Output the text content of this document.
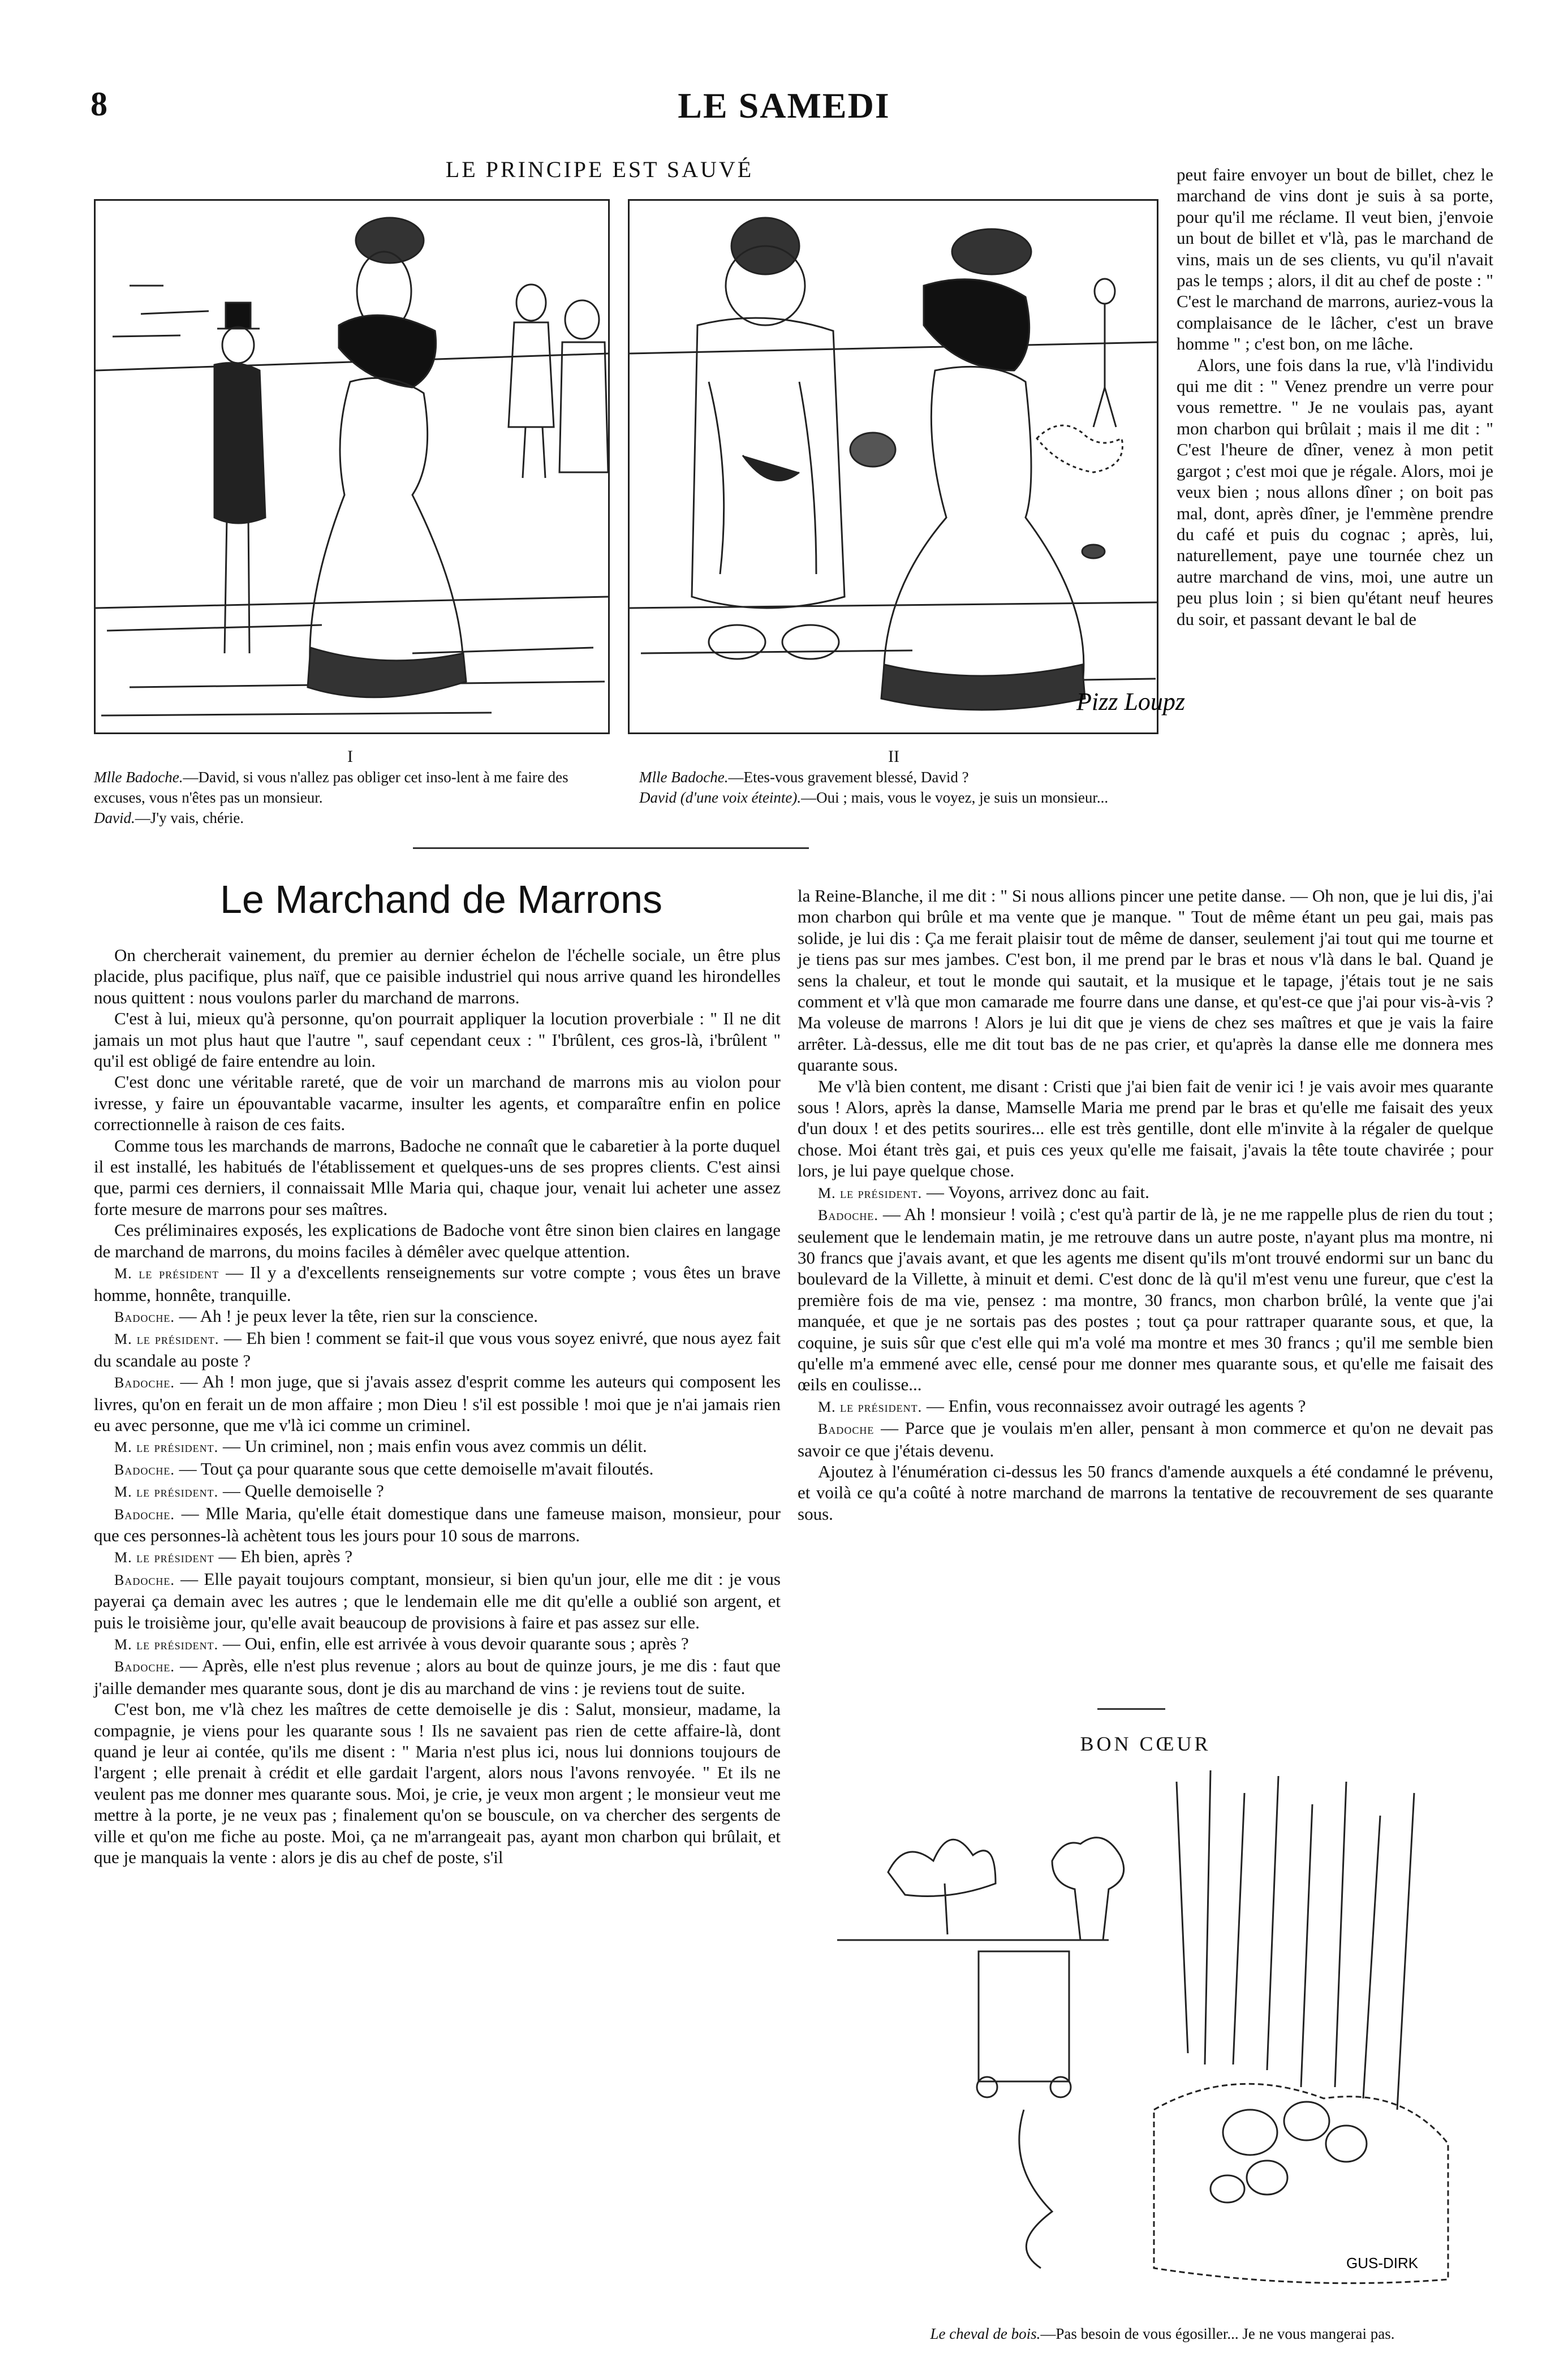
8	LE SAMEDI
LE PRINCIPE EST SAUVÉ
Pizz Loupz
I
Mlle Badoche.—David, si vous n'allez pas obliger cet inso-lent à me faire des excuses, vous n'êtes pas un monsieur.
David.—J'y vais, chérie.
II
Mlle Badoche.—Etes-vous gravement blessé, David ?
David (d'une voix éteinte).—Oui ; mais, vous le voyez, je suis un monsieur...
Le Marchand de Marrons

On chercherait vainement, du premier au dernier échelon de l'échelle sociale, un être plus placide, plus pacifique, plus naïf, que ce paisible industriel qui nous arrive quand les hirondelles nous quittent : nous voulons parler du marchand de marrons.

C'est à lui, mieux qu'à personne, qu'on pourrait appliquer la locution proverbiale : " Il ne dit jamais un mot plus haut que l'autre ", sauf cependant ceux : " I'brûlent, ces gros-là, i'brûlent " qu'il est obligé de faire entendre au loin.

C'est donc une véritable rareté, que de voir un marchand de marrons mis au violon pour ivresse, y faire un épouvantable vacarme, insulter les agents, et comparaître enfin en police correctionnelle à raison de ces faits.

Comme tous les marchands de marrons, Badoche ne connaît que le cabaretier à la porte duquel il est installé, les habitués de l'établissement et quelques-uns de ses propres clients. C'est ainsi que, parmi ces derniers, il connaissait Mlle Maria qui, chaque jour, venait lui acheter une assez forte mesure de marrons pour ses maîtres.

Ces préliminaires exposés, les explications de Badoche vont être sinon bien claires en langage de marchand de marrons, du moins faciles à démêler avec quelque attention.

M. le président — Il y a d'excellents renseignements sur votre compte ; vous êtes un brave homme, honnête, tranquille.

Badoche. — Ah ! je peux lever la tête, rien sur la conscience.

M. le président. — Eh bien ! comment se fait-il que vous vous soyez enivré, que nous ayez fait du scandale au poste ?

Badoche. — Ah ! mon juge, que si j'avais assez d'esprit comme les auteurs qui composent les livres, qu'on en ferait un de mon affaire ; mon Dieu ! s'il est possible ! moi que je n'ai jamais rien eu avec personne, que me v'là ici comme un criminel.

M. le président. — Un criminel, non ; mais enfin vous avez commis un délit.

Badoche. — Tout ça pour quarante sous que cette demoiselle m'avait filoutés.

M. le président. — Quelle demoiselle ?

Badoche. — Mlle Maria, qu'elle était domestique dans une fameuse maison, monsieur, pour que ces personnes-là achètent tous les jours pour 10 sous de marrons.

M. le président — Eh bien, après ?

Badoche. — Elle payait toujours comptant, monsieur, si bien qu'un jour, elle me dit : je vous payerai ça demain avec les autres ; que le lendemain elle me dit qu'elle a oublié son argent, et puis le troisième jour, qu'elle avait beaucoup de provisions à faire et pas assez sur elle.

M. le président. — Oui, enfin, elle est arrivée à vous devoir quarante sous ; après ?

Badoche. — Après, elle n'est plus revenue ; alors au bout de quinze jours, je me dis : faut que j'aille demander mes quarante sous, dont je dis au marchand de vins : je reviens tout de suite.

C'est bon, me v'là chez les maîtres de cette demoiselle je dis : Salut, monsieur, madame, la compagnie, je viens pour les quarante sous ! Ils ne savaient pas rien de cette affaire-là, dont quand je leur ai contée, qu'ils me disent : " Maria n'est plus ici, nous lui donnions toujours de l'argent ; elle prenait à crédit et elle gardait l'argent, alors nous l'avons renvoyée. " Et ils ne veulent pas me donner mes quarante sous. Moi, je crie, je veux mon argent ; le monsieur veut me mettre à la porte, je ne veux pas ; finalement qu'on se bouscule, on va chercher des sergents de ville et qu'on me fiche au poste. Moi, ça ne m'arrangeait pas, ayant mon charbon qui brûlait, et que je manquais la vente : alors je dis au chef de poste, s'il

peut faire envoyer un bout de billet, chez le marchand de vins dont je suis à sa porte, pour qu'il me réclame. Il veut bien, j'envoie un bout de billet et v'là, pas le marchand de vins, mais un de ses clients, vu qu'il n'avait pas le temps ; alors, il dit au chef de poste : " C'est le marchand de marrons, auriez-vous la complaisance de le lâcher, c'est un brave homme " ; c'est bon, on me lâche.

Alors, une fois dans la rue, v'là l'individu qui me dit : " Venez prendre un verre pour vous remettre. " Je ne voulais pas, ayant mon charbon qui brûlait ; mais il me dit : " C'est l'heure de dîner, venez à mon petit gargot ; c'est moi que je régale. Alors, moi je veux bien ; nous allons dîner ; on boit pas mal, dont, après dîner, je l'emmène prendre du café et puis du cognac ; après, lui, naturellement, paye une tournée chez un autre marchand de vins, moi, une autre un peu plus loin ; si bien qu'étant neuf heures du soir, et passant devant le bal de

la Reine-Blanche, il me dit : " Si nous allions pincer une petite danse. — Oh non, que je lui dis, j'ai mon charbon qui brûle et ma vente que je manque. " Tout de même étant un peu gai, mais pas solide, je lui dis : Ça me ferait plaisir tout de même de danser, seulement j'ai tout qui me tourne et je tiens pas sur mes jambes. C'est bon, il me prend par le bras et nous v'là dans le bal. Quand je sens la chaleur, et tout le monde qui sautait, et la musique et le tapage, j'étais tout je ne sais comment et v'là que mon camarade me fourre dans une danse, et qu'est-ce que j'ai pour vis-à-vis ? Ma voleuse de marrons ! Alors je lui dit que je viens de chez ses maîtres et que je vais la faire arrêter. Là-dessus, elle me dit tout bas de ne pas crier, et qu'après la danse elle me donnera mes quarante sous.

Me v'là bien content, me disant : Cristi que j'ai bien fait de venir ici ! je vais avoir mes quarante sous ! Alors, après la danse, Mamselle Maria me prend par le bras et qu'elle me faisait des yeux d'un doux ! et des petits sourires... elle est très gentille, dont elle m'invite à la régaler de quelque chose. Moi étant très gai, et puis ces yeux qu'elle me faisait, j'avais la tête toute chavirée ; pour lors, je lui paye quelque chose.

M. le président. — Voyons, arrivez donc au fait.

Badoche. — Ah ! monsieur ! voilà ; c'est qu'à partir de là, je ne me rappelle plus de rien du tout ; seulement que le lendemain matin, je me retrouve dans un autre poste, n'ayant plus ma montre, ni 30 francs que j'avais avant, et que les agents me disent qu'ils m'ont trouvé endormi sur un banc du boulevard de la Villette, à minuit et demi. C'est donc de là qu'il m'est venu une fureur, que c'est la première fois de ma vie, pensez : ma montre, 30 francs, mon charbon brûlé, la vente que j'ai manquée, et que je ne sortais pas des postes ; tout ça pour rattraper quarante sous, et que, la coquine, je suis sûr que c'est elle qui m'a volé ma montre et mes 30 francs ; qu'il me semble bien qu'elle m'a emmené avec elle, censé pour me donner mes quarante sous, et qu'elle me faisait des œils en coulisse...

M. le président. — Enfin, vous reconnaissez avoir outragé les agents ?

Badoche — Parce que je voulais m'en aller, pensant à mon commerce et qu'on ne devait pas savoir ce que j'étais devenu.

Ajoutez à l'énumération ci-dessus les 50 francs d'amende auxquels a été condamné le prévenu, et voilà ce qu'a coûté à notre marchand de marrons la tentative de recouvrement de ses quarante sous.

BON CŒUR
GUS-DIRK
Le cheval de bois.—Pas besoin de vous égosiller... Je ne vous mangerai pas.
